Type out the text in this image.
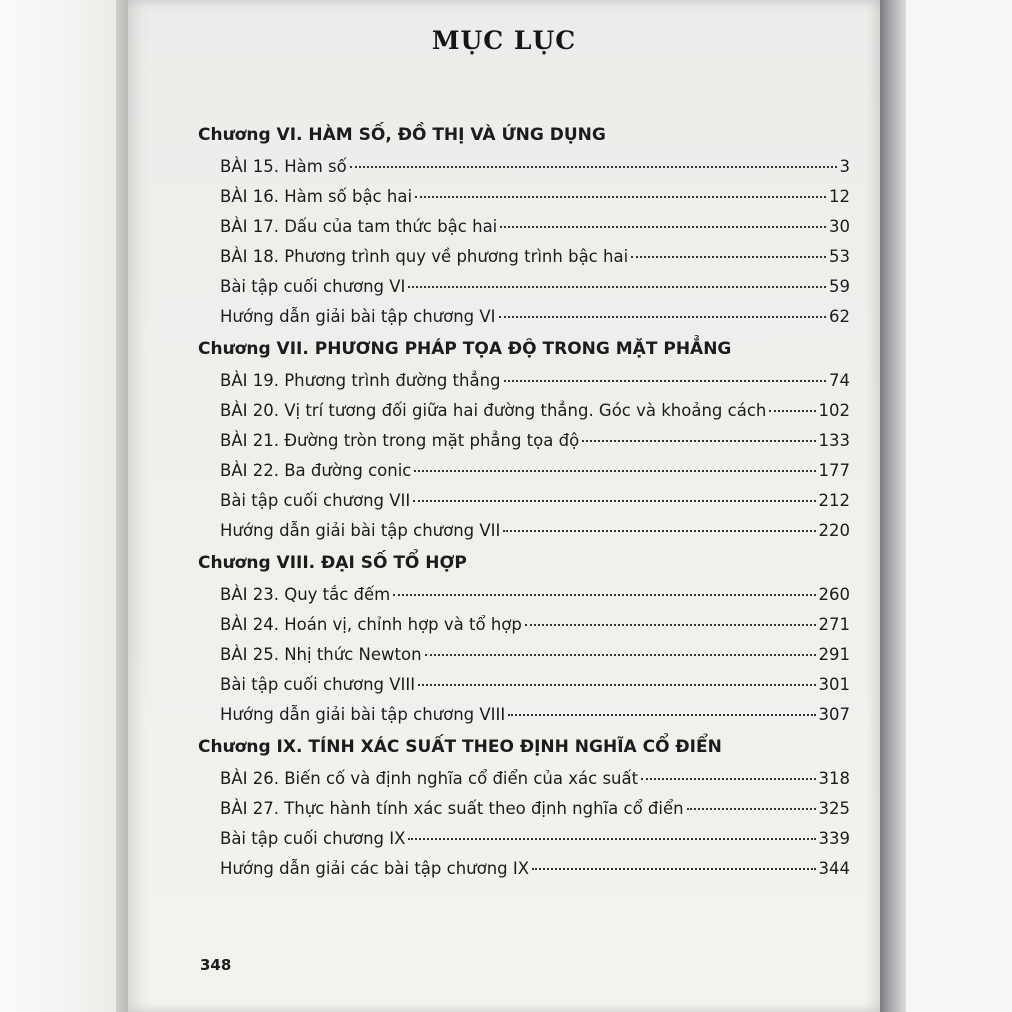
MỤC LỤC
Chương VI. HÀM SỐ, ĐỒ THỊ VÀ ỨNG DỤNG
BÀI 15. Hàm số	3
BÀI 16. Hàm số bậc hai	12
BÀI 17. Dấu của tam thức bậc hai	30
BÀI 18. Phương trình quy về phương trình bậc hai	53
Bài tập cuối chương VI	59
Hướng dẫn giải bài tập chương VI	62
Chương VII. PHƯƠNG PHÁP TỌA ĐỘ TRONG MẶT PHẲNG
BÀI 19. Phương trình đường thẳng	74
BÀI 20. Vị trí tương đối giữa hai đường thẳng. Góc và khoảng cách	102
BÀI 21. Đường tròn trong mặt phẳng tọa độ	133
BÀI 22. Ba đường conic	177
Bài tập cuối chương VII	212
Hướng dẫn giải bài tập chương VII	220
Chương VIII. ĐẠI SỐ TỔ HỢP
BÀI 23. Quy tắc đếm	260
BÀI 24. Hoán vị, chỉnh hợp và tổ hợp	271
BÀI 25. Nhị thức Newton	291
Bài tập cuối chương VIII	301
Hướng dẫn giải bài tập chương VIII	307
Chương IX. TÍNH XÁC SUẤT THEO ĐỊNH NGHĨA CỔ ĐIỂN
BÀI 26. Biến cố và định nghĩa cổ điển của xác suất	318
BÀI 27. Thực hành tính xác suất theo định nghĩa cổ điển	325
Bài tập cuối chương IX	339
Hướng dẫn giải các bài tập chương IX	344
348
